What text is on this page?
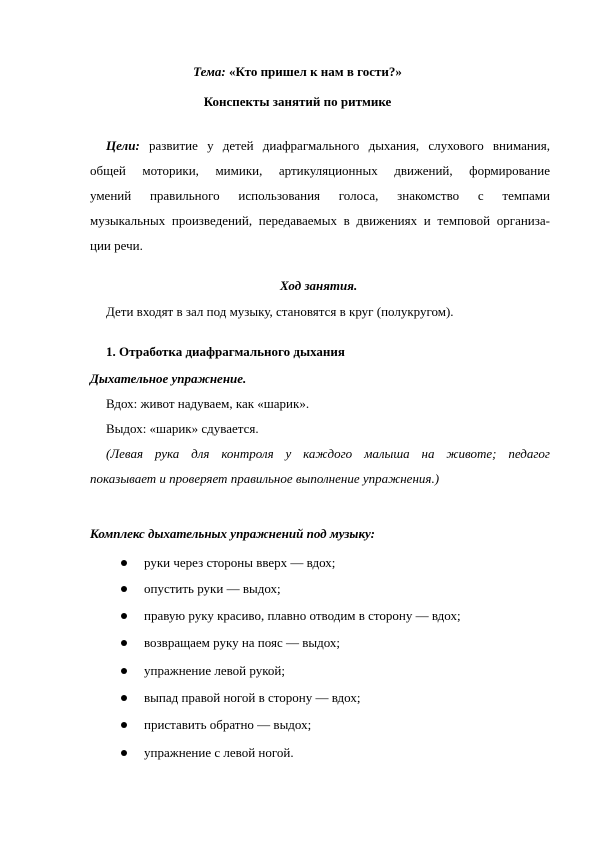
Тема: «Кто пришел к нам в гости?»
Конспекты занятий по ритмике
Цели: развитие у детей диафрагмального дыхания, слухового внимания,
общей моторики, мимики, артикуляционных движений, формирование
умений правильного использования голоса, знакомство с темпами
музыкальных произведений, передаваемых в движениях и темповой организа-
ции речи.
Ход занятия.
Дети входят в зал под музыку, становятся в круг (полукругом).
1. Отработка диафрагмального дыхания
Дыхательное упражнение.
Вдох: живот надуваем, как «шарик».
Выдох: «шарик» сдувается.
(Левая рука для контроля у каждого малыша на животе; педагог
показывает и проверяет правильное выполнение упражнения.)
Комплекс дыхательных упражнений под музыку:
руки через стороны вверх — вдох;
опустить руки — выдох;
правую руку красиво, плавно отводим в сторону — вдох;
возвращаем руку на пояс — выдох;
упражнение левой рукой;
выпад правой ногой в сторону — вдох;
приставить обратно — выдох;
упражнение с левой ногой.
